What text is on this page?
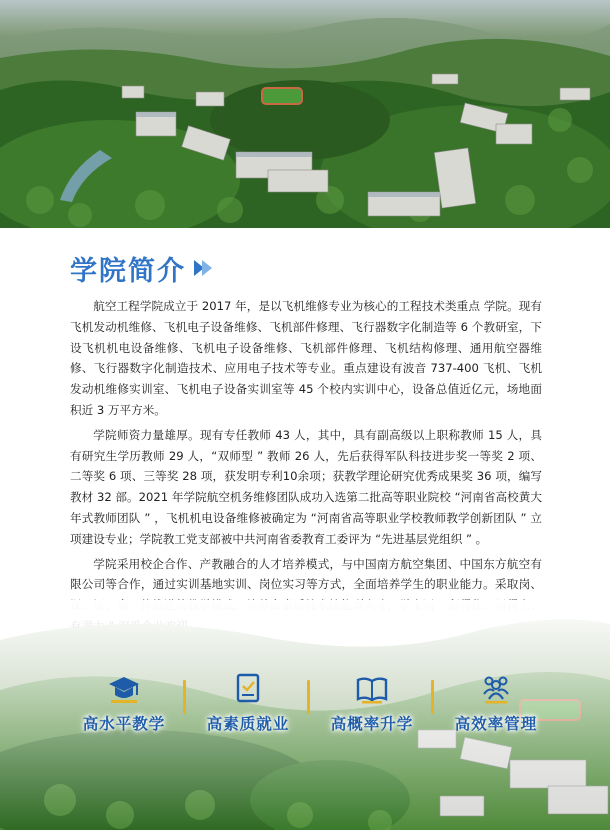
学院简介

航空工程学院成立于 2017 年，是以飞机维修专业为核心的工程技术类重点 学院。现有飞机发动机维修、飞机电子设备维修、飞机部件修理、飞行器数字化制造等 6 个教研室，下设飞机机电设备维修、飞机电子设备维修、飞机部件修理、飞机结构修理、通用航空器维修、飞行器数字化制造技术、应用电子技术等专业。重点建设有波音 737-400 飞机、飞机发动机维修实训室、飞机电子设备实训室等 45 个校内实训中心，设备总值近亿元，场地面积近 3 万平方米。

学院师资力量雄厚。现有专任教师 43 人，其中，具有副高级以上职称教师 15 人，具有研究生学历教师 29 人，“双师型 ” 教师 26 人，先后获得军队科技进步奖一等奖 2 项、二等奖 6 项、三等奖 28 项，获发明专利10余项；获教学理论研究优秀成果奖 36 项，编写教材 32 部。2021 年学院航空机务维修团队成功入选第二批高等职业院校 “河南省高校黄大年式教师团队 ” ，飞机机电设备维修被确定为 “河南省高等职业学校教师教学创新团队 ” 立项建设专业；学院教工党支部被中共河南省委教育工委评为 “先进基层党组织 ” 。

学院采用校企合作、产教融合的人才培养模式，与中国南方航空集团、中国东方航空有限公司等合作，通过实训基地实训、岗位实习等方式，全面培养学生的职业能力。采取岗、

高水平教学	高素质就业	高概率升学	高效率管理
